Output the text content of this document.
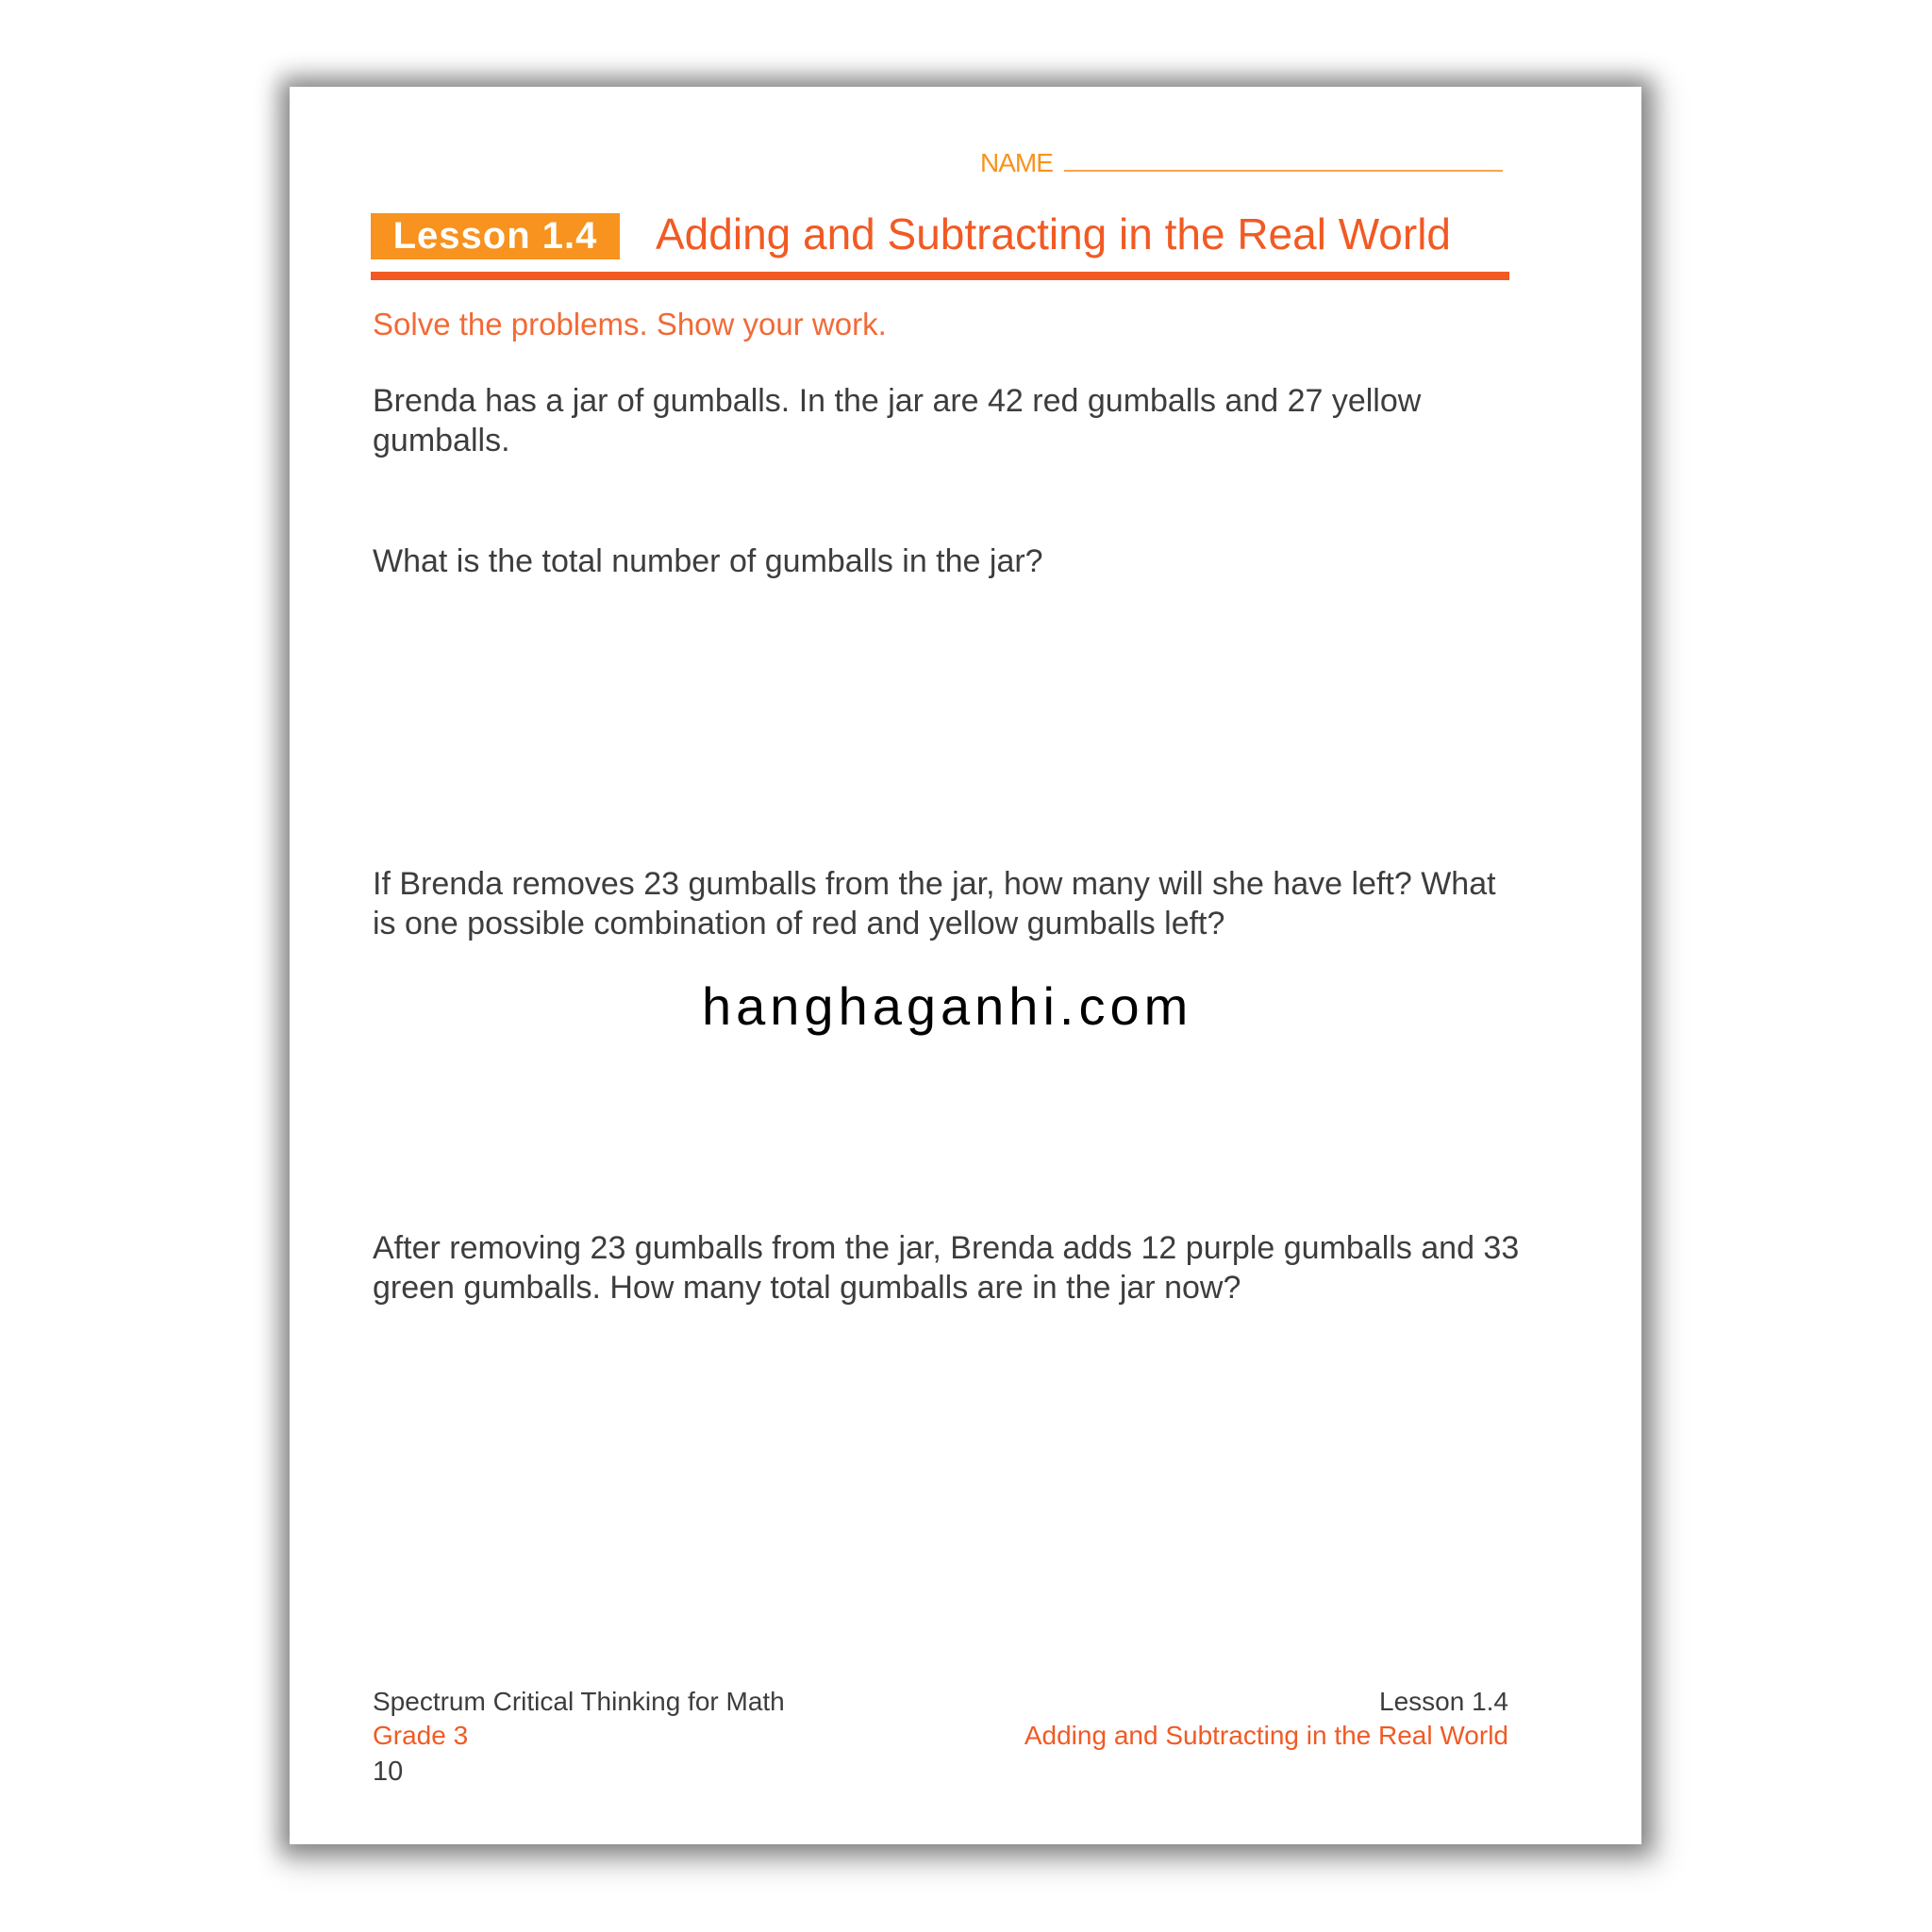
NAME
Lesson 1.4	Adding and Subtracting in the Real World
Solve the problems. Show your work.
Brenda has a jar of gumballs. In the jar are 42 red gumballs and 27 yellow gumballs.
What is the total number of gumballs in the jar?
If Brenda removes 23 gumballs from the jar, how many will she have left? What is one possible combination of red and yellow gumballs left?
After removing 23 gumballs from the jar, Brenda adds 12 purple gumballs and 33 green gumballs. How many total gumballs are in the jar now?
hanghaganhi.com
Spectrum Critical Thinking for Math
Grade 3
10
Lesson 1.4
Adding and Subtracting in the Real World
